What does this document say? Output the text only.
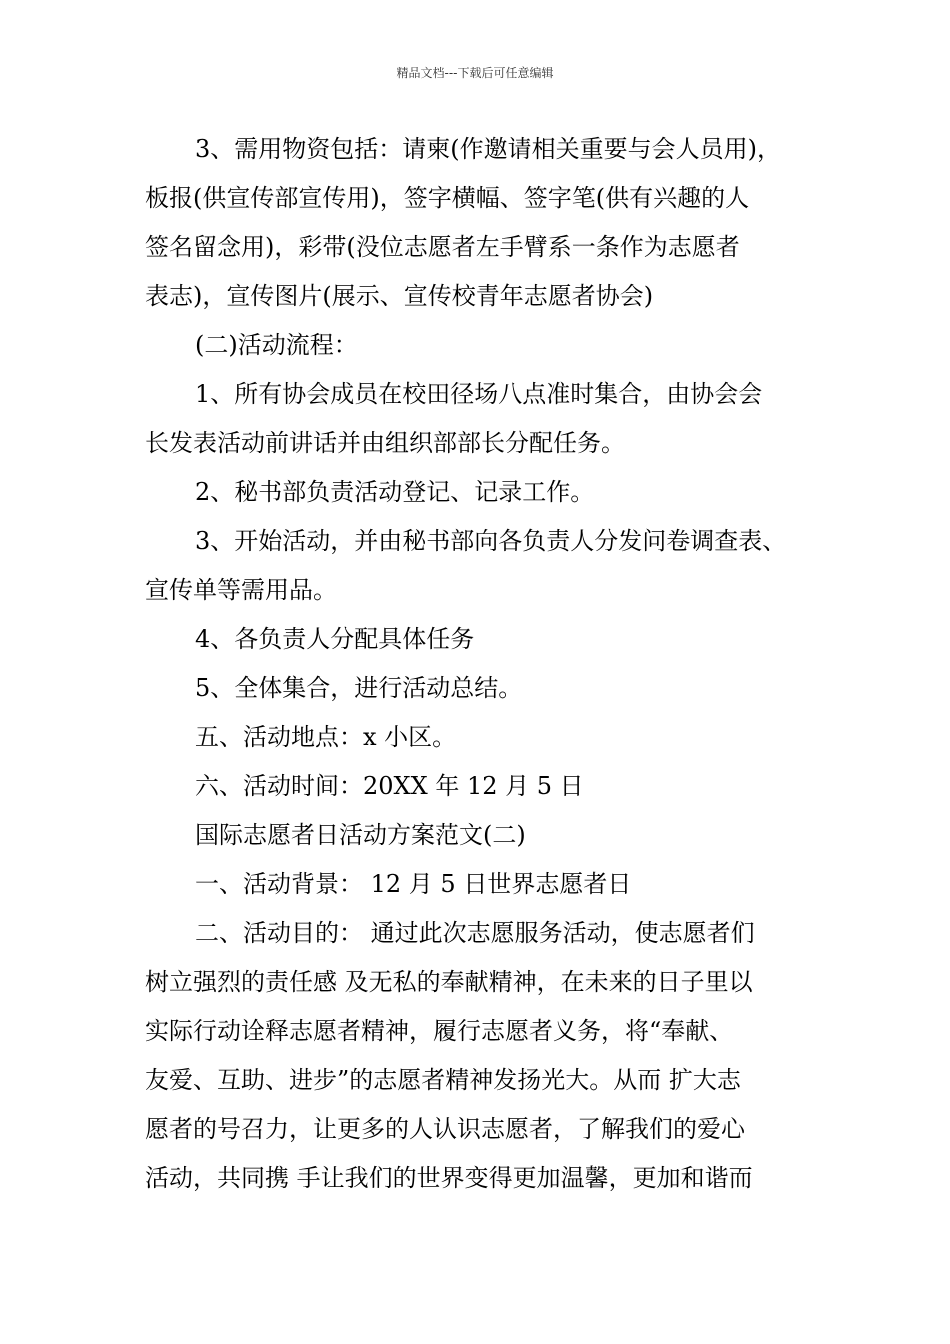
精品文档---下载后可任意编辑

3、需用物资包括：请柬(作邀请相关重要与会人员用)，

板报(供宣传部宣传用)，签字横幅、签字笔(供有兴趣的人

签名留念用)，彩带(没位志愿者左手臂系一条作为志愿者

表志)，宣传图片(展示、宣传校青年志愿者协会)

(二)活动流程：

1、所有协会成员在校田径场八点准时集合，由协会会

长发表活动前讲话并由组织部部长分配任务。

2、秘书部负责活动登记、记录工作。

3、开始活动，并由秘书部向各负责人分发问卷调查表、

宣传单等需用品。

4、各负责人分配具体任务

5、全体集合，进行活动总结。

五、活动地点：x 小区。

六、活动时间：20XX 年 12 月 5 日

国际志愿者日活动方案范文(二)

一、活动背景： 12 月 5 日世界志愿者日

二、活动目的： 通过此次志愿服务活动，使志愿者们

树立强烈的责任感 及无私的奉献精神，在未来的日子里以

实际行动诠释志愿者精神，履行志愿者义务，将“奉献、

友爱、互助、进步”的志愿者精神发扬光大。从而 扩大志

愿者的号召力，让更多的人认识志愿者，了解我们的爱心

活动，共同携 手让我们的世界变得更加温馨，更加和谐而
